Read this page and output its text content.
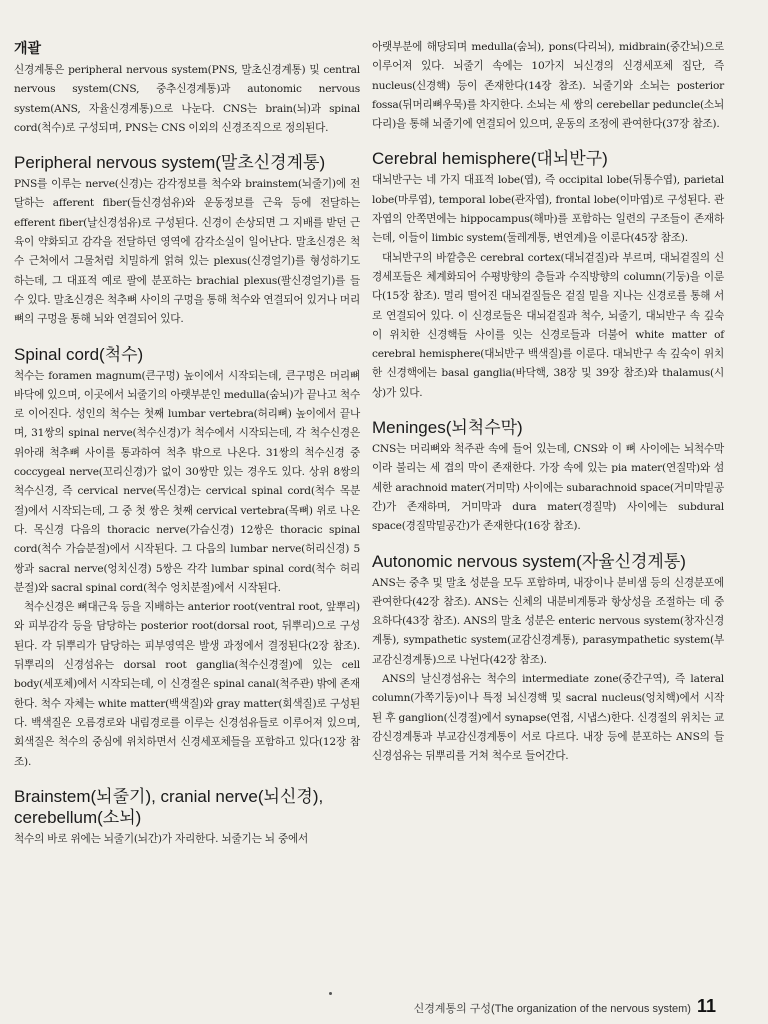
개괄

신경계통은 peripheral nervous system(PNS, 말초신경계통) 및 central nervous system(CNS, 중추신경계통)과 autonomic nervous system(ANS, 자율신경계통)으로 나눈다. CNS는 brain(뇌)과 spinal cord(척수)로 구성되며, PNS는 CNS 이외의 신경조직으로 정의된다.

Peripheral nervous system(말초신경계통)

PNS를 이루는 nerve(신경)는 감각정보를 척수와 brainstem(뇌줄기)에 전달하는 afferent fiber(들신경섬유)와 운동정보를 근육 등에 전달하는 efferent fiber(날신경섬유)로 구성된다. 신경이 손상되면 그 지배를 받던 근육이 약화되고 감각을 전달하던 영역에 감각소실이 일어난다. 말초신경은 척수 근처에서 그물처럼 치밀하게 얽혀 있는 plexus(신경얼기)를 형성하기도 하는데, 그 대표적 예로 팔에 분포하는 brachial plexus(팔신경얼기)를 들 수 있다. 말초신경은 척추뼈 사이의 구멍을 통해 척수와 연결되어 있거나 머리뼈의 구멍을 통해 뇌와 연결되어 있다.

Spinal cord(척수)

척수는 foramen magnum(큰구멍) 높이에서 시작되는데, 큰구멍은 머리뼈 바닥에 있으며, 이곳에서 뇌줄기의 아랫부분인 medulla(숨뇌)가 끝나고 척수로 이어진다. 성인의 척수는 첫째 lumbar vertebra(허리뼈) 높이에서 끝나며, 31쌍의 spinal nerve(척수신경)가 척수에서 시작되는데, 각 척수신경은 위아래 척추뼈 사이를 통과하여 척추 밖으로 나온다. 31쌍의 척수신경 중 coccygeal nerve(꼬리신경)가 없이 30쌍만 있는 경우도 있다. 상위 8쌍의 척수신경, 즉 cervical nerve(목신경)는 cervical spinal cord(척수 목분절)에서 시작되는데, 그 중 첫 쌍은 첫째 cervical vertebra(목뼈) 위로 나온다. 목신경 다음의 thoracic nerve(가슴신경) 12쌍은 thoracic spinal cord(척수 가슴분절)에서 시작된다. 그 다음의 lumbar nerve(허리신경) 5쌍과 sacral nerve(엉치신경) 5쌍은 각각 lumbar spinal cord(척수 허리분절)와 sacral spinal cord(척수 엉치분절)에서 시작된다.

척수신경은 뼈대근육 등을 지배하는 anterior root(ventral root, 앞뿌리)와 피부감각 등을 담당하는 posterior root(dorsal root, 뒤뿌리)으로 구성된다. 각 뒤뿌리가 담당하는 피부영역은 발생 과정에서 결정된다(2장 참조). 뒤뿌리의 신경섬유는 dorsal root ganglia(척수신경절)에 있는 cell body(세포체)에서 시작되는데, 이 신경절은 spinal canal(척주관) 밖에 존재한다. 척수 자체는 white matter(백색질)와 gray matter(회색질)로 구성된다. 백색질은 오름경로와 내림경로를 이루는 신경섬유들로 이루어져 있으며, 회색질은 척수의 중심에 위치하면서 신경세포체들을 포함하고 있다(12장 참조).

Brainstem(뇌줄기), cranial nerve(뇌신경), cerebellum(소뇌)

척수의 바로 위에는 뇌줄기(뇌간)가 자리한다. 뇌줄기는 뇌 중에서

아랫부분에 해당되며 medulla(숨뇌), pons(다리뇌), midbrain(중간뇌)으로 이루어져 있다. 뇌줄기 속에는 10가지 뇌신경의 신경세포체 집단, 즉 nucleus(신경핵) 등이 존재한다(14장 참조). 뇌줄기와 소뇌는 posterior fossa(뒤머리뼈우묵)를 차지한다. 소뇌는 세 쌍의 cerebellar peduncle(소뇌다리)을 통해 뇌줄기에 연결되어 있으며, 운동의 조정에 관여한다(37장 참조).

Cerebral hemisphere(대뇌반구)

대뇌반구는 네 가지 대표적 lobe(엽), 즉 occipital lobe(뒤통수엽), parietal lobe(마루엽), temporal lobe(관자엽), frontal lobe(이마엽)로 구성된다. 관자엽의 안쪽면에는 hippocampus(해마)를 포함하는 일련의 구조들이 존재하는데, 이들이 limbic system(둘레계통, 변연계)을 이룬다(45장 참조).

대뇌반구의 바깥층은 cerebral cortex(대뇌겉질)라 부르며, 대뇌겉질의 신경세포들은 체계화되어 수평방향의 층들과 수직방향의 column(기둥)을 이룬다(15장 참조). 멀리 떨어진 대뇌겉질들은 겉질 밑을 지나는 신경로를 통해 서로 연결되어 있다. 이 신경로들은 대뇌겉질과 척수, 뇌줄기, 대뇌반구 속 깊숙이 위치한 신경핵들 사이를 잇는 신경로들과 더불어 white matter of cerebral hemisphere(대뇌반구 백색질)를 이룬다. 대뇌반구 속 깊숙이 위치한 신경핵에는 basal ganglia(바닥핵, 38장 및 39장 참조)와 thalamus(시상)가 있다.

Meninges(뇌척수막)

CNS는 머리뼈와 척주관 속에 들어 있는데, CNS와 이 뼈 사이에는 뇌척수막이라 불리는 세 겹의 막이 존재한다. 가장 속에 있는 pia mater(연질막)와 섬세한 arachnoid mater(거미막) 사이에는 subarachnoid space(거미막밑공간)가 존재하며, 거미막과 dura mater(경질막) 사이에는 subdural space(경질막밑공간)가 존재한다(16장 참조).

Autonomic nervous system(자율신경계통)

ANS는 중추 및 말초 성분을 모두 포함하며, 내장이나 분비샘 등의 신경분포에 관여한다(42장 참조). ANS는 신체의 내분비계통과 항상성을 조절하는 데 중요하다(43장 참조). ANS의 말초 성분은 enteric nervous system(창자신경계통), sympathetic system(교감신경계통), parasympathetic system(부교감신경계통)으로 나뉜다(42장 참조).

ANS의 날신경섬유는 척수의 intermediate zone(중간구역), 즉 lateral column(가쪽기둥)이나 특정 뇌신경핵 및 sacral nucleus(엉치핵)에서 시작된 후 ganglion(신경절)에서 synapse(연접, 시냅스)한다. 신경절의 위치는 교감신경계통과 부교감신경계통이 서로 다르다. 내장 등에 분포하는 ANS의 들신경섬유는 뒤뿌리를 거쳐 척수로 들어간다.

신경계통의 구성(The organization of the nervous system) 11
